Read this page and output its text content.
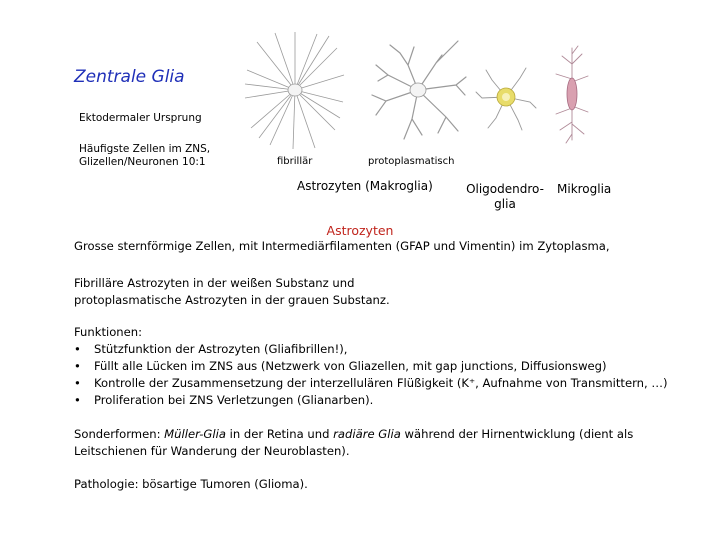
Zentrale Glia
Ektodermaler Ursprung
Häufigste Zellen im ZNS,
Glizellen/Neuronen 10:1	fibrillär	protoplasmatisch
Astrozyten (Makroglia)	Oligodendro-
glia
Mikroglia
Astrozyten
Grosse sternförmige Zellen, mit Intermediärfilamenten (GFAP und Vimentin) im Zytoplasma,
Fibrilläre Astrozyten in der weißen Substanz und
protoplasmatische Astrozyten in der grauen Substanz.
Funktionen:
• Stützfunktion der Astrozyten (Gliafibrillen!),
• Füllt alle Lücken im ZNS aus (Netzwerk von Gliazellen, mit gap junctions, Diffusionsweg)
• Kontrolle der Zusammensetzung der interzellulären Flüßigkeit (K⁺, Aufnahme von Transmittern, …)
• Proliferation bei ZNS Verletzungen (Glianarben).
Sonderformen: Müller-Glia in der Retina und radiäre Glia während der Hirnentwicklung (dient als
Leitschienen für Wanderung der Neuroblasten).
Pathologie: bösartige Tumoren (Glioma).
